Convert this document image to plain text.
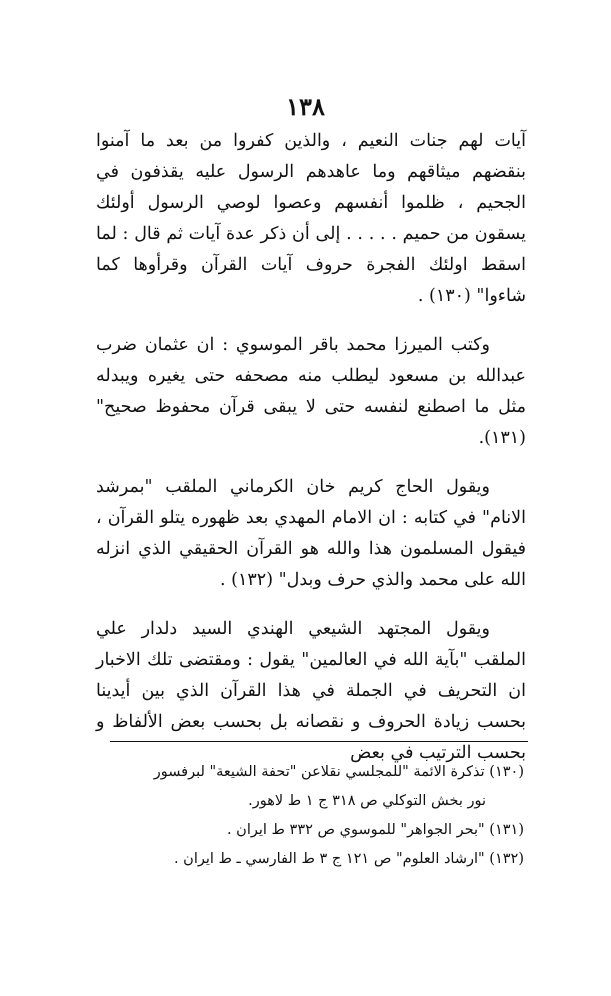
١٣٨

آيات لهم جنات النعيم ، والذين كفروا من بعد ما آمنوا بنقضهم ميثاقهم وما عاهدهم الرسول عليه يقذفون في الجحيم ، ظلموا أنفسهم وعصوا لوصي الرسول أولئك يسقون من حميم . . . . . إلى أن ذكر عدة آيات ثم قال : لما اسقط اولئك الفجرة حروف آيات القرآن وقرأوها كما شاءوا" (١٣٠) .

وكتب الميرزا محمد باقر الموسوي : ان عثمان ضرب عبدالله بن مسعود ليطلب منه مصحفه حتى يغيره ويبدله مثل ما اصطنع لنفسه حتى لا يبقى قرآن محفوظ صحيح" (١٣١).

ويقول الحاج كريم خان الكرماني الملقب "بمرشد الانام" في كتابه : ان الامام المهدي بعد ظهوره يتلو القرآن ، فيقول المسلمون هذا والله هو القرآن الحقيقي الذي انزله الله على محمد والذي حرف وبدل" (١٣٢) .

ويقول المجتهد الشيعي الهندي السيد دلدار علي الملقب "بآية الله في العالمين" يقول : ومقتضى تلك الاخبار ان التحريف في الجملة في هذا القرآن الذي بين أيدينا بحسب زيادة الحروف و نقصانه بل بحسب بعض الألفاظ و بحسب الترتيب في بعض

(١٣٠) تذكرة الائمة "للمجلسي نقلاعن "تحفة الشيعة" لبرفسور

نور بخش التوكلي ص ٣١٨ ج ١ ط لاهور.

(١٣١) "بحر الجواهر" للموسوي ص ٣٣٢ ط ايران .

(١٣٢) "ارشاد العلوم" ص ١٢١ ج ٣ ط الفارسي ـ ط ايران .
